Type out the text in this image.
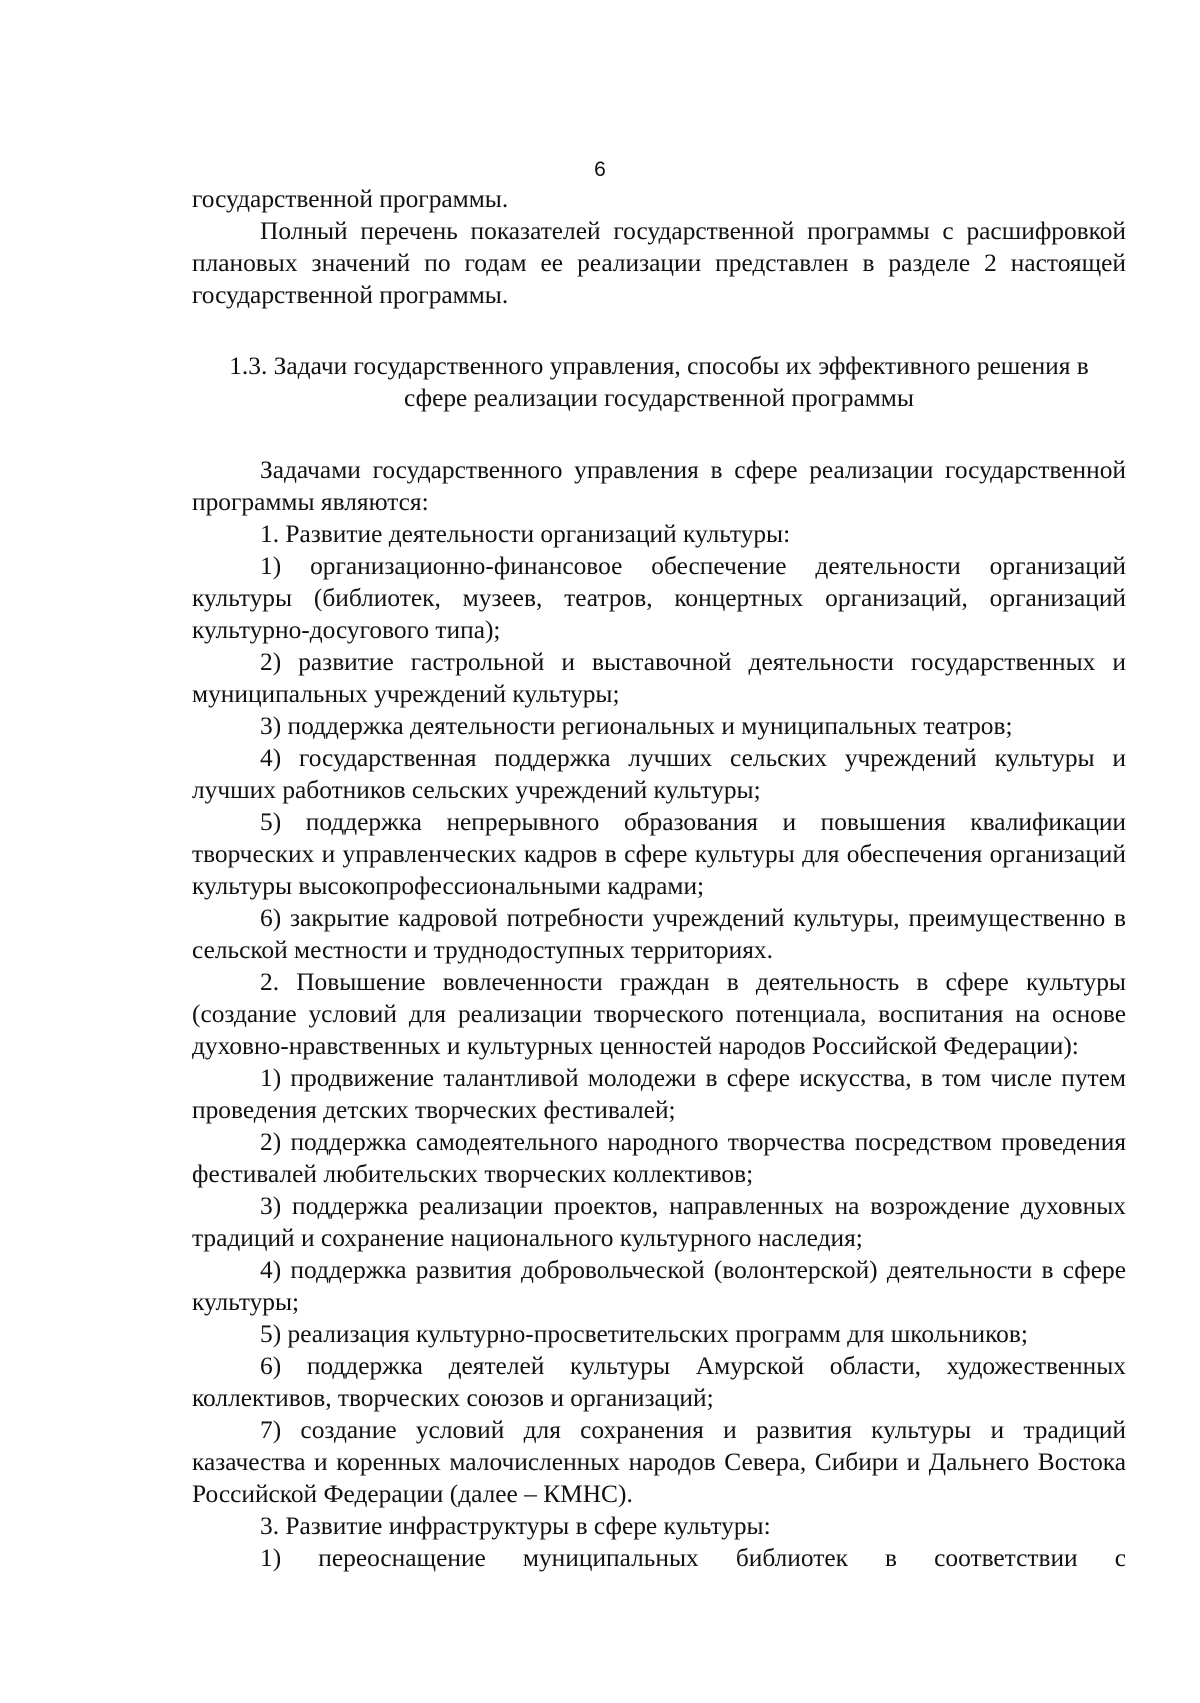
6

государственной программы.

Полный перечень показателей государственной программы с расшифровкой плановых значений по годам ее реализации представлен в разделе 2 настоящей государственной программы.

1.3. Задачи государственного управления, способы их эффективного решения в
сфере реализации государственной программы

Задачами государственного управления в сфере реализации государственной программы являются:

1. Развитие деятельности организаций культуры:

1) организационно-финансовое обеспечение деятельности организаций культуры (библиотек, музеев, театров, концертных организаций, организаций культурно-досугового типа);

2) развитие гастрольной и выставочной деятельности государственных и муниципальных учреждений культуры;

3) поддержка деятельности региональных и муниципальных театров;

4) государственная поддержка лучших сельских учреждений культуры и лучших работников сельских учреждений культуры;

5) поддержка непрерывного образования и повышения квалификации творческих и управленческих кадров в сфере культуры для обеспечения организаций культуры высокопрофессиональными кадрами;

6) закрытие кадровой потребности учреждений культуры, преимущественно в сельской местности и труднодоступных территориях.

2. Повышение вовлеченности граждан в деятельность в сфере культуры (создание условий для реализации творческого потенциала, воспитания на основе духовно-нравственных и культурных ценностей народов Российской Федерации):

1) продвижение талантливой молодежи в сфере искусства, в том числе путем проведения детских творческих фестивалей;

2) поддержка самодеятельного народного творчества посредством проведения фестивалей любительских творческих коллективов;

3) поддержка реализации проектов, направленных на возрождение духовных традиций и сохранение национального культурного наследия;

4) поддержка развития добровольческой (волонтерской) деятельности в сфере культуры;

5) реализация культурно-просветительских программ для школьников;

6) поддержка деятелей культуры Амурской области, художественных коллективов, творческих союзов и организаций;

7) создание условий для сохранения и развития культуры и традиций казачества и коренных малочисленных народов Севера, Сибири и Дальнего Востока Российской Федерации (далее – КМНС).

3. Развитие инфраструктуры в сфере культуры:

1) переоснащение муниципальных библиотек в соответствии с
